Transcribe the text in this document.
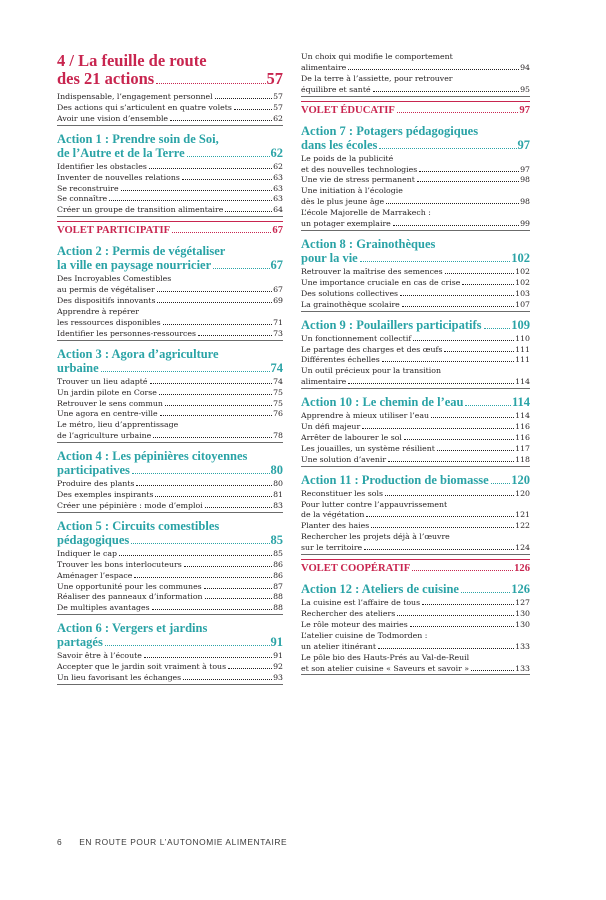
4 / La feuille de route
des 21 actions	57
Indispensable, l’engagement personnel	57
Des actions qui s’articulent en quatre volets	57
Avoir une vision d’ensemble	62
Action 1 : Prendre soin de Soi,
de l’Autre et de la Terre	62
Identifier les obstacles	62
Inventer de nouvelles relations	63
Se reconstruire	63
Se connaître	63
Créer un groupe de transition alimentaire	64
VOLET PARTICIPATIF	67
Action 2 : Permis de végétaliser
la ville en paysage nourricier	67
Des Incroyables Comestibles
au permis de végétaliser	67
Des dispositifs innovants	69
Apprendre à repérer
les ressources disponibles	71
Identifier les personnes-ressources	73
Action 3 : Agora d’agriculture
urbaine	74
Trouver un lieu adapté	74
Un jardin pilote en Corse	75
Retrouver le sens commun	75
Une agora en centre-ville	76
Le métro, lieu d’apprentissage
de l’agriculture urbaine	78
Action 4 : Les pépinières citoyennes
participatives	80
Produire des plants	80
Des exemples inspirants	81
Créer une pépinière : mode d’emploi	83
Action 5 : Circuits comestibles
pédagogiques	85
Indiquer le cap	85
Trouver les bons interlocuteurs	86
Aménager l’espace	86
Une opportunité pour les communes	87
Réaliser des panneaux d’information	88
De multiples avantages	88
Action 6 : Vergers et jardins
partagés	91
Savoir être à l’écoute	91
Accepter que le jardin soit vraiment à tous	92
Un lieu favorisant les échanges	93
Un choix qui modifie le comportement
alimentaire	94
De la terre à l’assiette, pour retrouver
équilibre et santé	95
VOLET ÉDUCATIF	97
Action 7 : Potagers pédagogiques
dans les écoles	97
Le poids de la publicité
et des nouvelles technologies	97
Une vie de stress permanent	98
Une initiation à l’écologie
dès le plus jeune âge	98
L’école Majorelle de Marrakech :
un potager exemplaire	99
Action 8 : Grainothèques
pour la vie	102
Retrouver la maîtrise des semences	102
Une importance cruciale en cas de crise	102
Des solutions collectives	103
La grainothèque scolaire	107
Action 9 : Poulaillers participatifs 109
Un fonctionnement collectif	110
Le partage des charges et des œufs	111
Différentes échelles	111
Un outil précieux pour la transition
alimentaire	114
Action 10 : Le chemin de l’eau	114
Apprendre à mieux utiliser l’eau	114
Un défi majeur	116
Arrêter de labourer le sol	116
Les jouailles, un système résilient	117
Une solution d’avenir	118
Action 11 : Production de biomasse 120
Reconstituer les sols	120
Pour lutter contre l’appauvrissement
de la végétation	121
Planter des haies	122
Rechercher les projets déjà à l’œuvre
sur le territoire	124
VOLET COOPÉRATIF	126
Action 12 : Ateliers de cuisine	126
La cuisine est l’affaire de tous	127
Rechercher des ateliers	130
Le rôle moteur des mairies	130
L’atelier cuisine de Todmorden :
un atelier itinérant	133
Le pôle bio des Hauts-Prés au Val-de-Reuil
et son atelier cuisine « Saveurs et savoir »	133
6 EN ROUTE POUR L’AUTONOMIE ALIMENTAIRE
